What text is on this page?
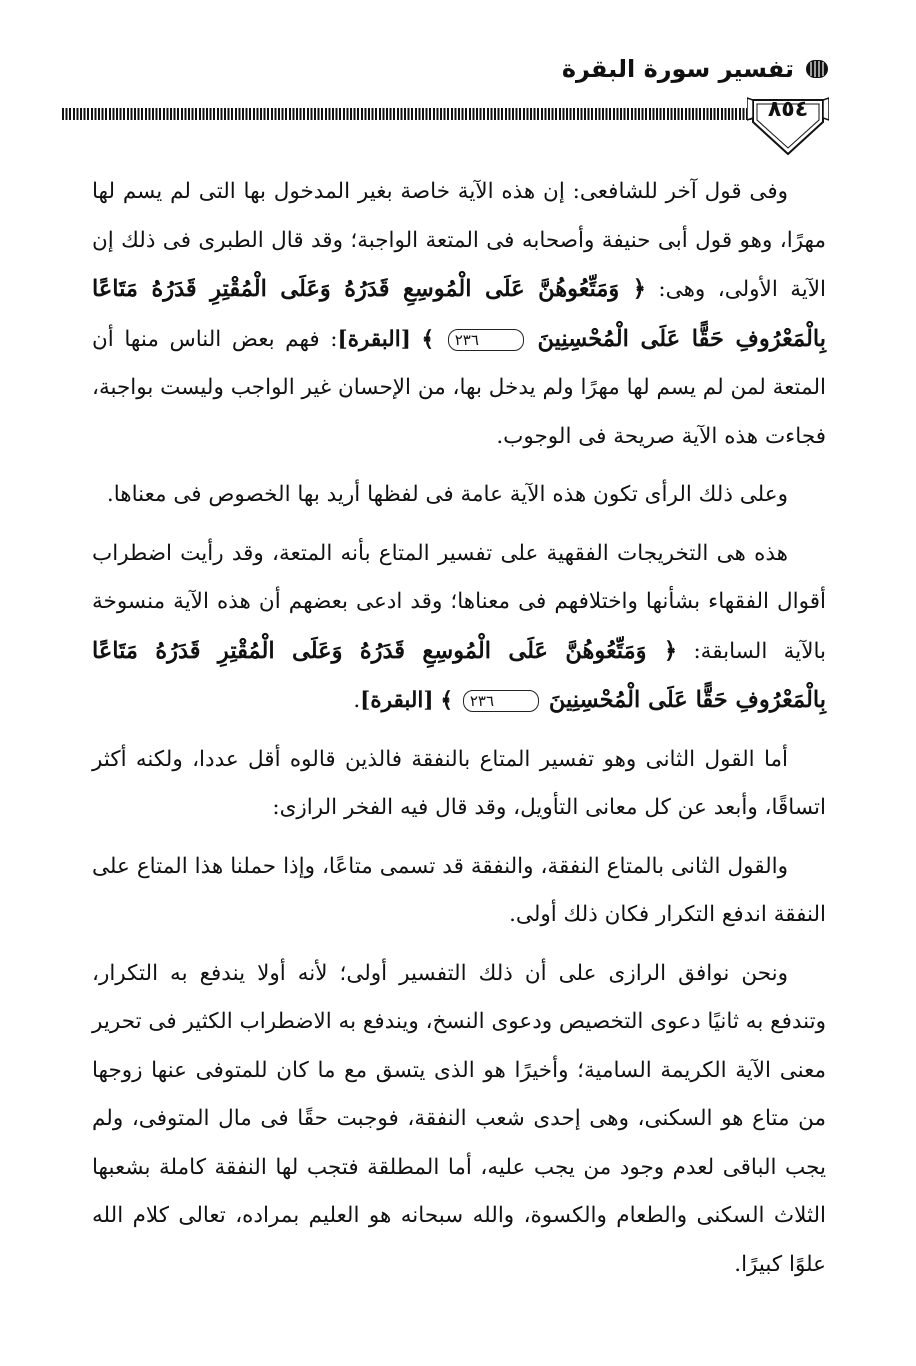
تفسير سورة البقرة
٨٥٤

وفى قول آخر للشافعى: إن هذه الآية خاصة بغير المدخول بها التى لم يسم لها مهرًا، وهو قول أبى حنيفة وأصحابه فى المتعة الواجبة؛ وقد قال الطبرى فى ذلك إن الآية الأولى، وهى: ﴿ وَمَتِّعُوهُنَّ عَلَى الْمُوسِعِ قَدَرُهُ وَعَلَى الْمُقْتِرِ قَدَرُهُ مَتَاعًا بِالْمَعْرُوفِ حَقًّا عَلَى الْمُحْسِنِينَ ٢٣٦ ﴾ [البقرة]: فهم بعض الناس منها أن المتعة لمن لم يسم لها مهرًا ولم يدخل بها، من الإحسان غير الواجب وليست بواجبة، فجاءت هذه الآية صريحة فى الوجوب.

وعلى ذلك الرأى تكون هذه الآية عامة فى لفظها أريد بها الخصوص فى معناها.

هذه هى التخريجات الفقهية على تفسير المتاع بأنه المتعة، وقد رأيت اضطراب أقوال الفقهاء بشأنها واختلافهم فى معناها؛ وقد ادعى بعضهم أن هذه الآية منسوخة بالآية السابقة: ﴿ وَمَتِّعُوهُنَّ عَلَى الْمُوسِعِ قَدَرُهُ وَعَلَى الْمُقْتِرِ قَدَرُهُ مَتَاعًا بِالْمَعْرُوفِ حَقًّا عَلَى الْمُحْسِنِينَ ٢٣٦ ﴾ [البقرة].

أما القول الثانى وهو تفسير المتاع بالنفقة فالذين قالوه أقل عددا، ولكنه أكثر اتساقًا، وأبعد عن كل معانى التأويل، وقد قال فيه الفخر الرازى:

والقول الثانى بالمتاع النفقة، والنفقة قد تسمى متاعًا، وإذا حملنا هذا المتاع على النفقة اندفع التكرار فكان ذلك أولى.

ونحن نوافق الرازى على أن ذلك التفسير أولى؛ لأنه أولا يندفع به التكرار، وتندفع به ثانيًا دعوى التخصيص ودعوى النسخ، ويندفع به الاضطراب الكثير فى تحرير معنى الآية الكريمة السامية؛ وأخيرًا هو الذى يتسق مع ما كان للمتوفى عنها زوجها من متاع هو السكنى، وهى إحدى شعب النفقة، فوجبت حقًا فى مال المتوفى، ولم يجب الباقى لعدم وجود من يجب عليه، أما المطلقة فتجب لها النفقة كاملة بشعبها الثلاث السكنى والطعام والكسوة، والله سبحانه هو العليم بمراده، تعالى كلام الله علوًا كبيرًا.
